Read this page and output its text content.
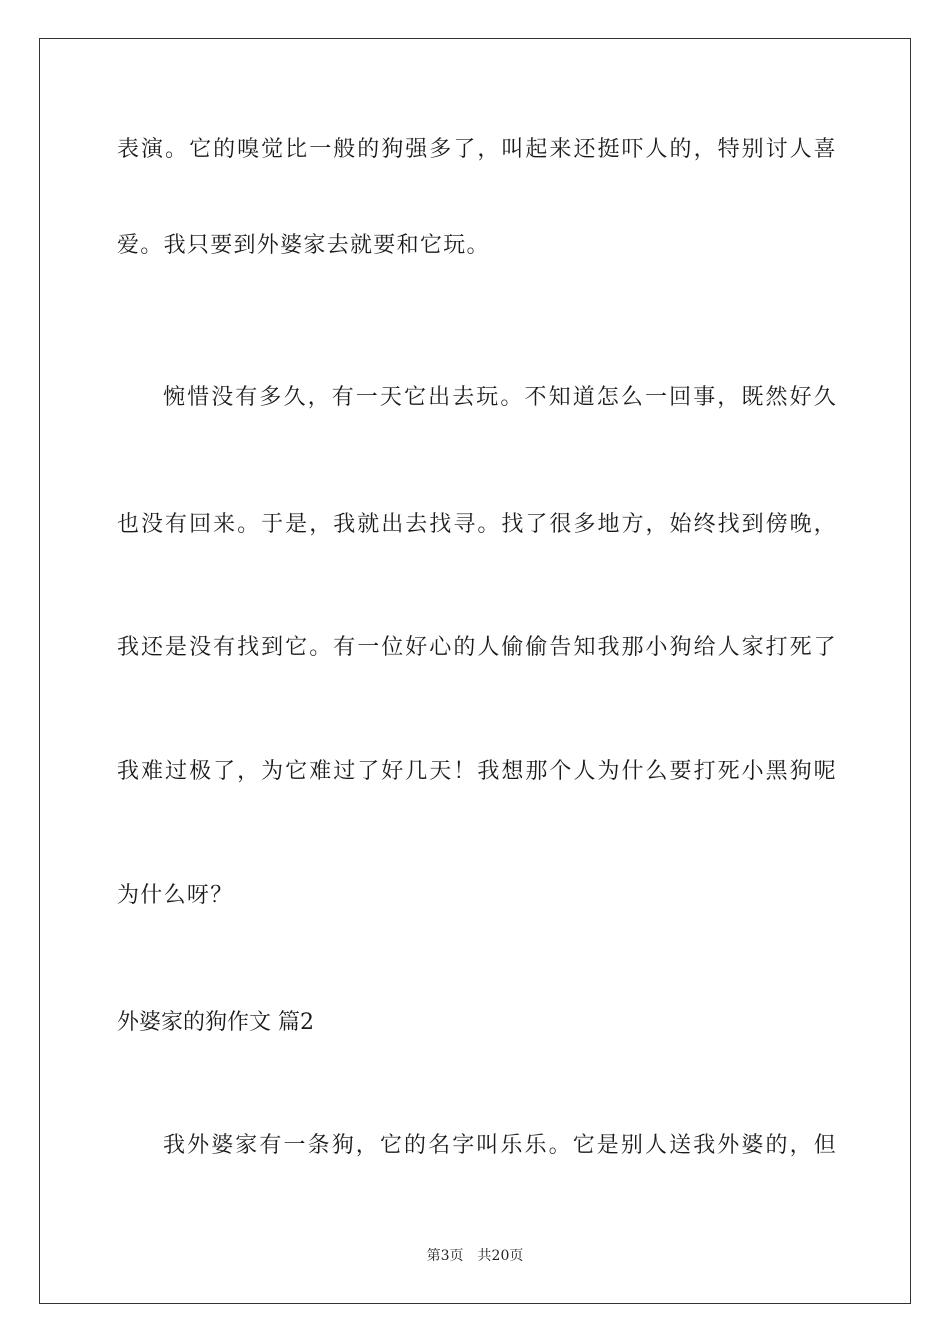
表演。它的嗅觉比一般的狗强多了，叫起来还挺吓人的，特别讨人喜
爱。我只要到外婆家去就要和它玩。
惋惜没有多久，有一天它出去玩。不知道怎么一回事，既然好久
也没有回来。于是，我就出去找寻。找了很多地方，始终找到傍晚，
我还是没有找到它。有一位好心的人偷偷告知我那小狗给人家打死了
我难过极了，为它难过了好几天！我想那个人为什么要打死小黑狗呢
为什么呀？
外婆家的狗作文 篇2
我外婆家有一条狗，它的名字叫乐乐。它是别人送我外婆的，但
第3页 共20页
